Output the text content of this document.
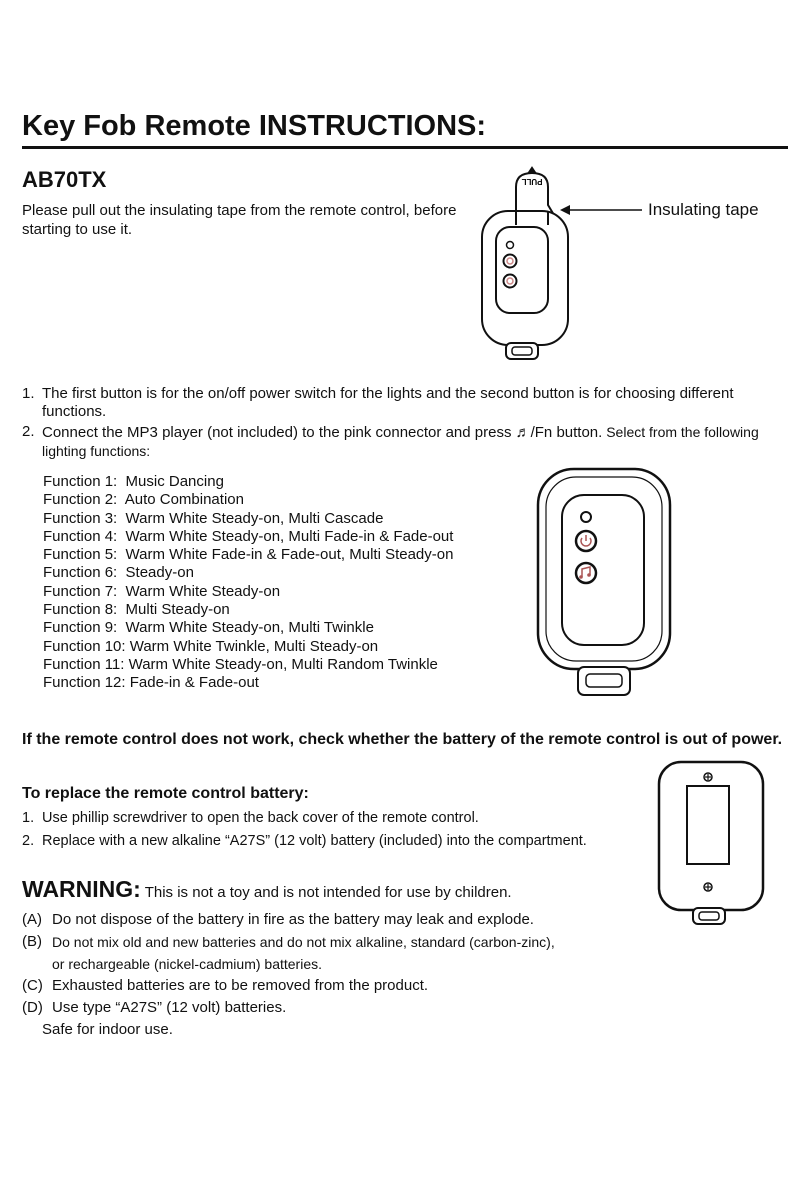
Key Fob Remote INSTRUCTIONS:
AB70TX
Please pull out the insulating tape from the remote control, before starting to use it.
PULL
Insulating tape
1. The first button is for the on/off power switch for the lights and the second button is for choosing different functions.
2. Connect the MP3 player (not included) to the pink connector and press ♬/Fn button. Select from the following lighting functions:
Function 1:  Music Dancing
Function 2:  Auto Combination
Function 3:  Warm White Steady-on, Multi Cascade
Function 4:  Warm White Steady-on, Multi Fade-in & Fade-out
Function 5:  Warm White Fade-in & Fade-out, Multi Steady-on
Function 6:  Steady-on
Function 7:  Warm White Steady-on
Function 8:  Multi Steady-on
Function 9:  Warm White Steady-on, Multi Twinkle
Function 10: Warm White Twinkle, Multi Steady-on
Function 11: Warm White Steady-on, Multi Random Twinkle
Function 12: Fade-in & Fade-out
If the remote control does not work, check whether the battery of the remote control is out of power.
To replace the remote control battery:
1. Use phillip screwdriver to open the back cover of the remote control.
2. Replace with a new alkaline “A27S” (12 volt) battery (included) into the compartment.
WARNING: This is not a toy and is not intended for use by children.
(A) Do not dispose of the battery in fire as the battery may leak and explode.
(B) Do not mix old and new batteries and do not mix alkaline, standard (carbon-zinc),
or rechargeable (nickel-cadmium) batteries.
(C) Exhausted batteries are to be removed from the product.
(D) Use type “A27S” (12 volt) batteries.
Safe for indoor use.
